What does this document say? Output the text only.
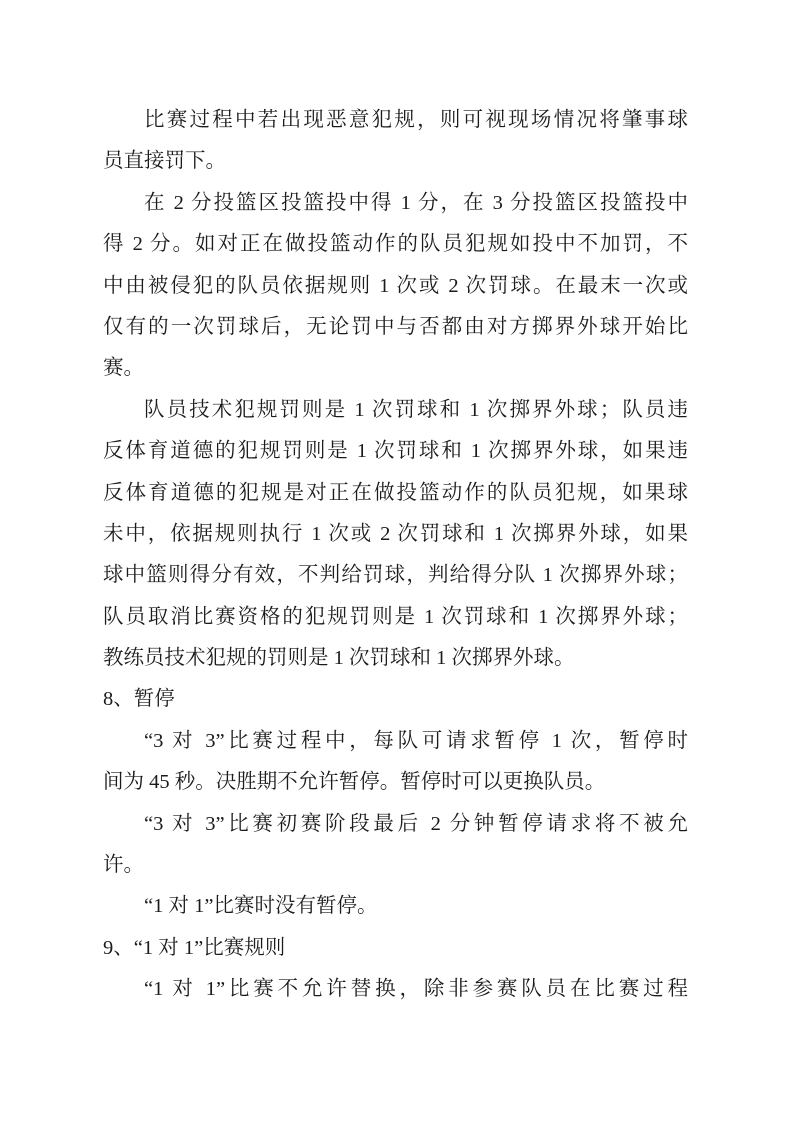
比赛过程中若出现恶意犯规，则可视现场情况将肇事球
员直接罚下。
在 2 分投篮区投篮投中得 1 分，在 3 分投篮区投篮投中
得 2 分。如对正在做投篮动作的队员犯规如投中不加罚，不
中由被侵犯的队员依据规则 1 次或 2 次罚球。在最末一次或
仅有的一次罚球后，无论罚中与否都由对方掷界外球开始比
赛。
队员技术犯规罚则是 1 次罚球和 1 次掷界外球；队员违
反体育道德的犯规罚则是 1 次罚球和 1 次掷界外球，如果违
反体育道德的犯规是对正在做投篮动作的队员犯规，如果球
未中，依据规则执行 1 次或 2 次罚球和 1 次掷界外球，如果
球中篮则得分有效，不判给罚球，判给得分队 1 次掷界外球；
队员取消比赛资格的犯规罚则是 1 次罚球和 1 次掷界外球；
教练员技术犯规的罚则是 1 次罚球和 1 次掷界外球。
8、暂停
“3 对 3”比赛过程中，每队可请求暂停 1 次，暂停时
间为 45 秒。决胜期不允许暂停。暂停时可以更换队员。
“3 对 3”比赛初赛阶段最后 2 分钟暂停请求将不被允
许。
“1 对 1”比赛时没有暂停。
9、“1 对 1”比赛规则
“1 对 1”比赛不允许替换，除非参赛队员在比赛过程
